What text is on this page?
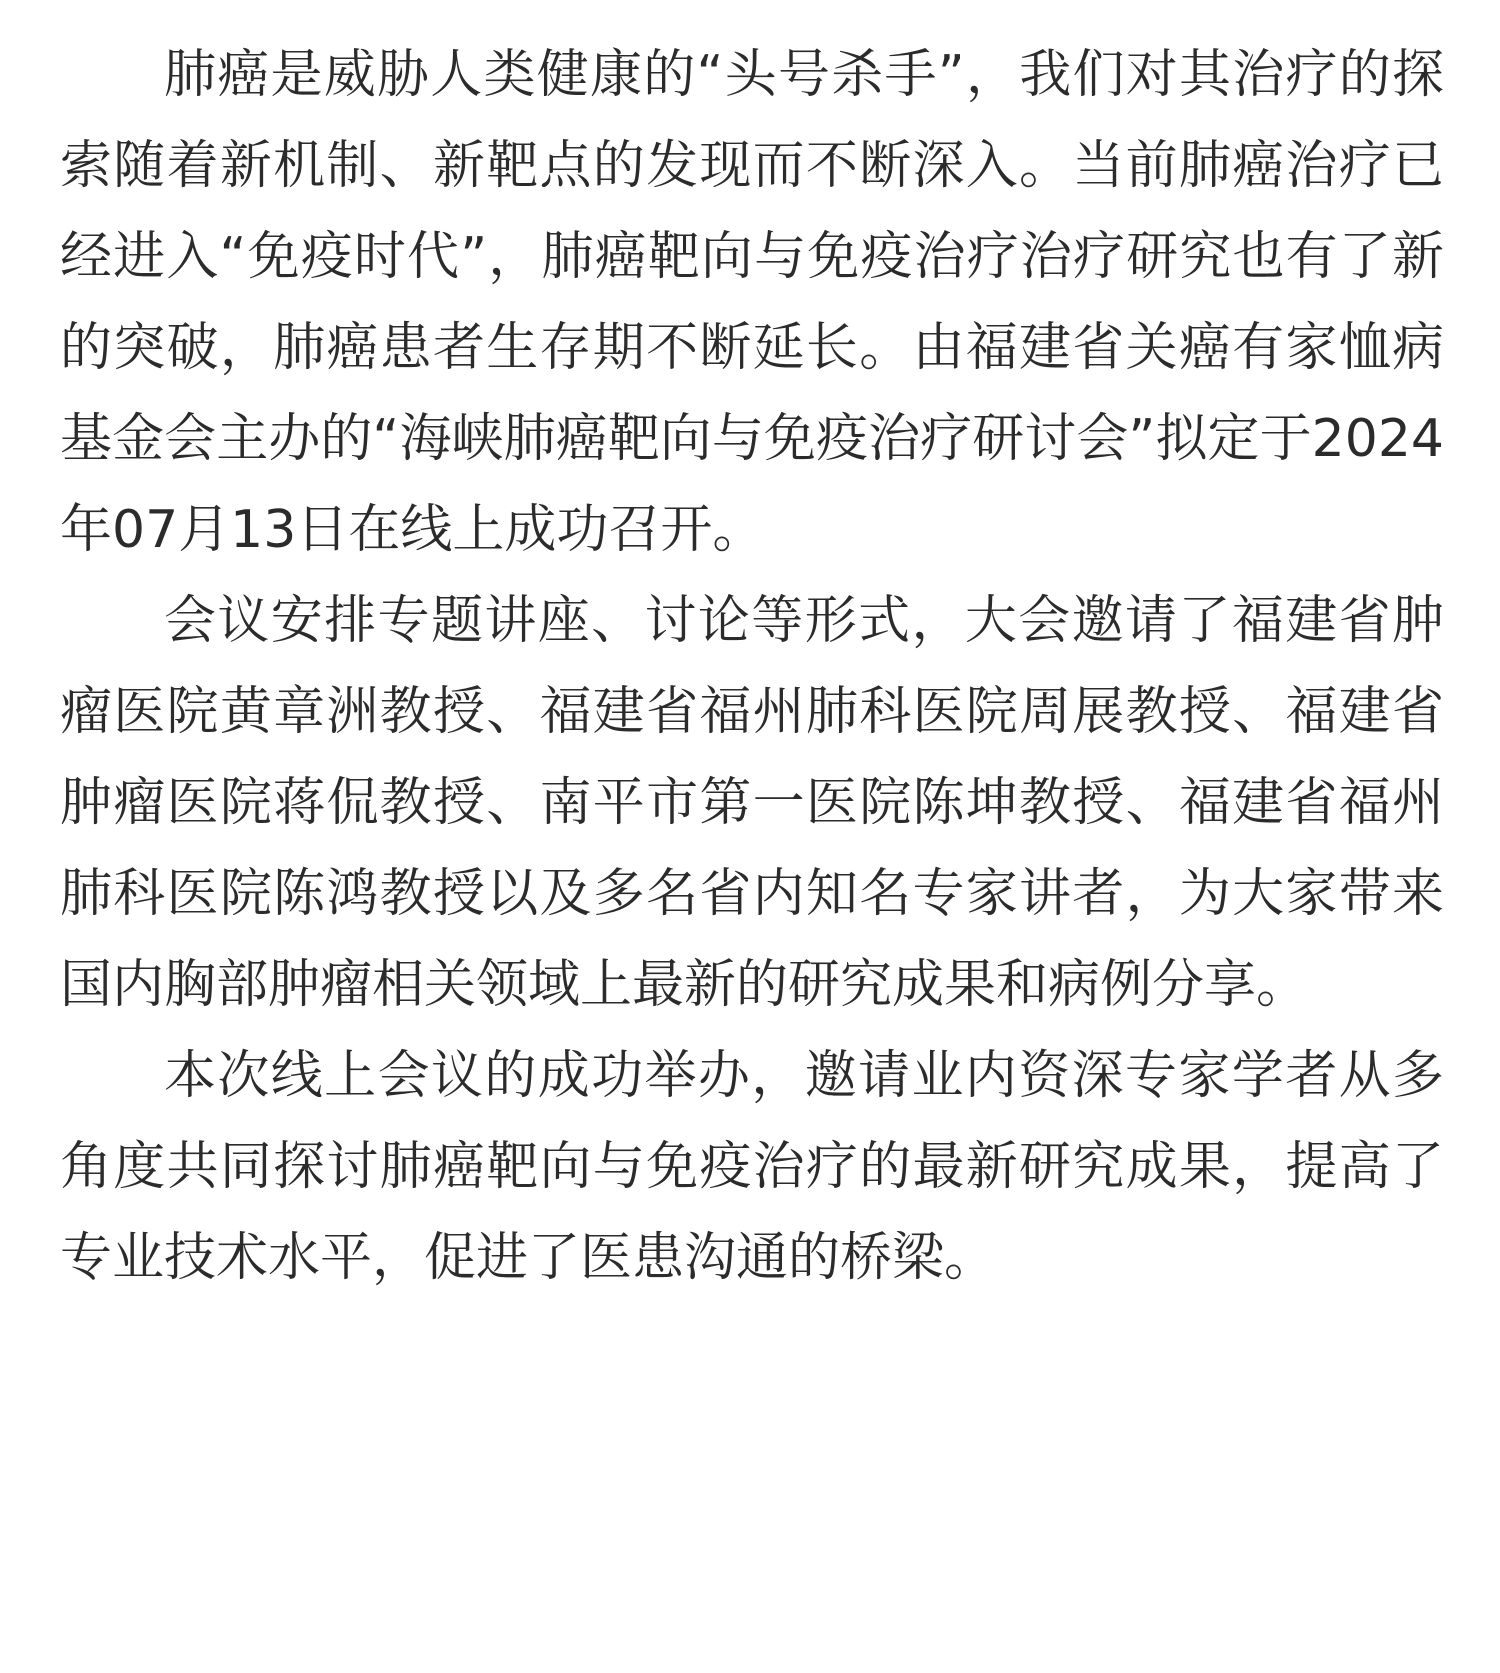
肺癌是威胁人类健康的“头号杀手”，我们对其治疗的探索随着新机制、新靶点的发现而不断深入。当前肺癌治疗已经进入“免疫时代”，肺癌靶向与免疫治疗治疗研究也有了新的突破，肺癌患者生存期不断延长。由福建省关癌有家恤病基金会主办的“海峡肺癌靶向与免疫治疗研讨会”拟定于2024年07月13日在线上成功召开。

会议安排专题讲座、讨论等形式，大会邀请了福建省肿瘤医院黄章洲教授、福建省福州肺科医院周展教授、福建省肿瘤医院蒋侃教授、南平市第一医院陈坤教授、福建省福州肺科医院陈鸿教授以及多名省内知名专家讲者，为大家带来国内胸部肿瘤相关领域上最新的研究成果和病例分享。

本次线上会议的成功举办，邀请业内资深专家学者从多角度共同探讨肺癌靶向与免疫治疗的最新研究成果，提高了专业技术水平，促进了医患沟通的桥梁。
